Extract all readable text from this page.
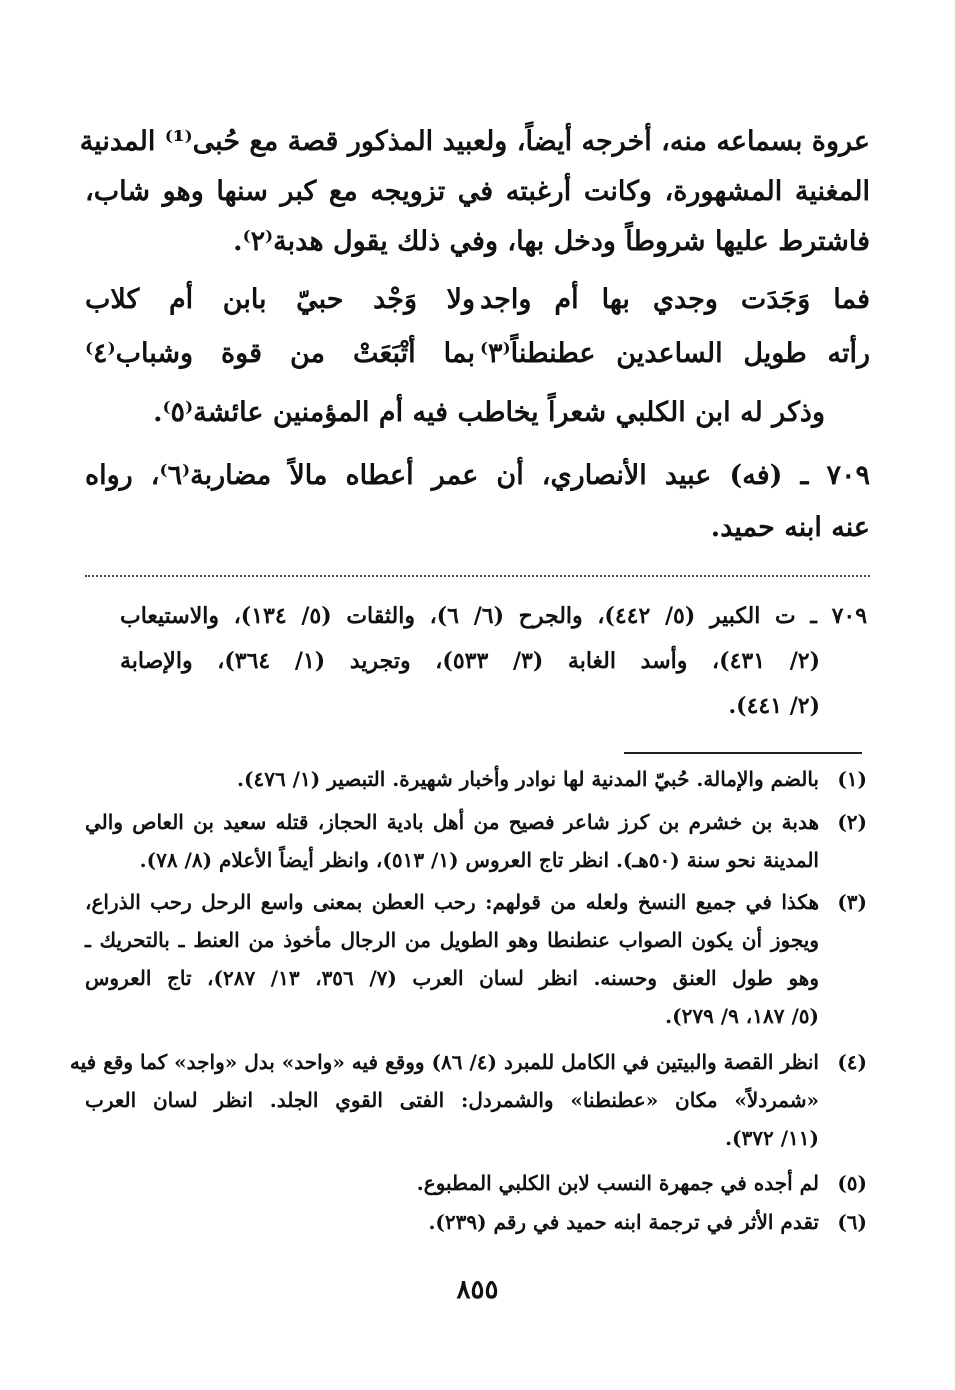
عروة بسماعه منه، أخرجه أيضاً، ولعبيد المذكور قصة مع حُبى⁽¹⁾ المدنية
المغنية المشهورة، وكانت أرغبته في تزويجه مع كبر سنها وهو شاب،
فاشترط عليها شروطاً ودخل بها، وفي ذلك يقول هدبة⁽٢⁾.
فما وَجَدَت وجدي بها أم واجد
ولا وَجْد حبيّ بابن أم كلاب
رأته طويل الساعدين عطنطناً⁽٣⁾
بما أتْبَعَتْ من قوة وشباب⁽٤⁾
وذكر له ابن الكلبي شعراً يخاطب فيه أم المؤمنين عائشة⁽٥⁾.
٧٠٩ ـ (فه) عبيد الأنصاري، أن عمر أعطاه مالاً مضاربة⁽٦⁾، رواه
عنه ابنه حميد.
٧٠٩ ـ ت الكبير (٥/ ٤٤٢)، والجرح (٦/ ٦)، والثقات (٥/ ١٣٤)، والاستيعاب
(٢/ ٤٣١)، وأسد الغابة (٣/ ٥٣٣)، وتجريد (١/ ٣٦٤)، والإصابة
(٢/ ٤٤١).
(١)
بالضم والإمالة. حُبيّ المدنية لها نوادر وأخبار شهيرة. التبصير (١/ ٤٧٦).
(٢)
هدبة بن خشرم بن كرز شاعر فصيح من أهل بادية الحجاز، قتله سعيد بن العاص والي
المدينة نحو سنة (٥٠هـ). انظر تاج العروس (١/ ٥١٣)، وانظر أيضاً الأعلام (٨/ ٧٨).
(٣)
هكذا في جميع النسخ ولعله من قولهم: رحب العطن بمعنى واسع الرحل رحب الذراع،
ويجوز أن يكون الصواب عنطنطا وهو الطويل من الرجال مأخوذ من العنط ـ بالتحريك ـ
وهو طول العنق وحسنه. انظر لسان العرب (٧/ ٣٥٦، ١٣/ ٢٨٧)، تاج العروس
(٥/ ١٨٧، ٩/ ٢٧٩).
(٤)
انظر القصة والبيتين في الكامل للمبرد (٤/ ٨٦) ووقع فيه «واحد» بدل «واجد» كما وقع فيه
«شمردلاً» مكان «عطنطنا» والشمردل: الفتى القوي الجلد. انظر لسان العرب
(١١/ ٣٧٢).
(٥)
لم أجده في جمهرة النسب لابن الكلبي المطبوع.
(٦)
تقدم الأثر في ترجمة ابنه حميد في رقم (٢٣٩).
٨٥٥
